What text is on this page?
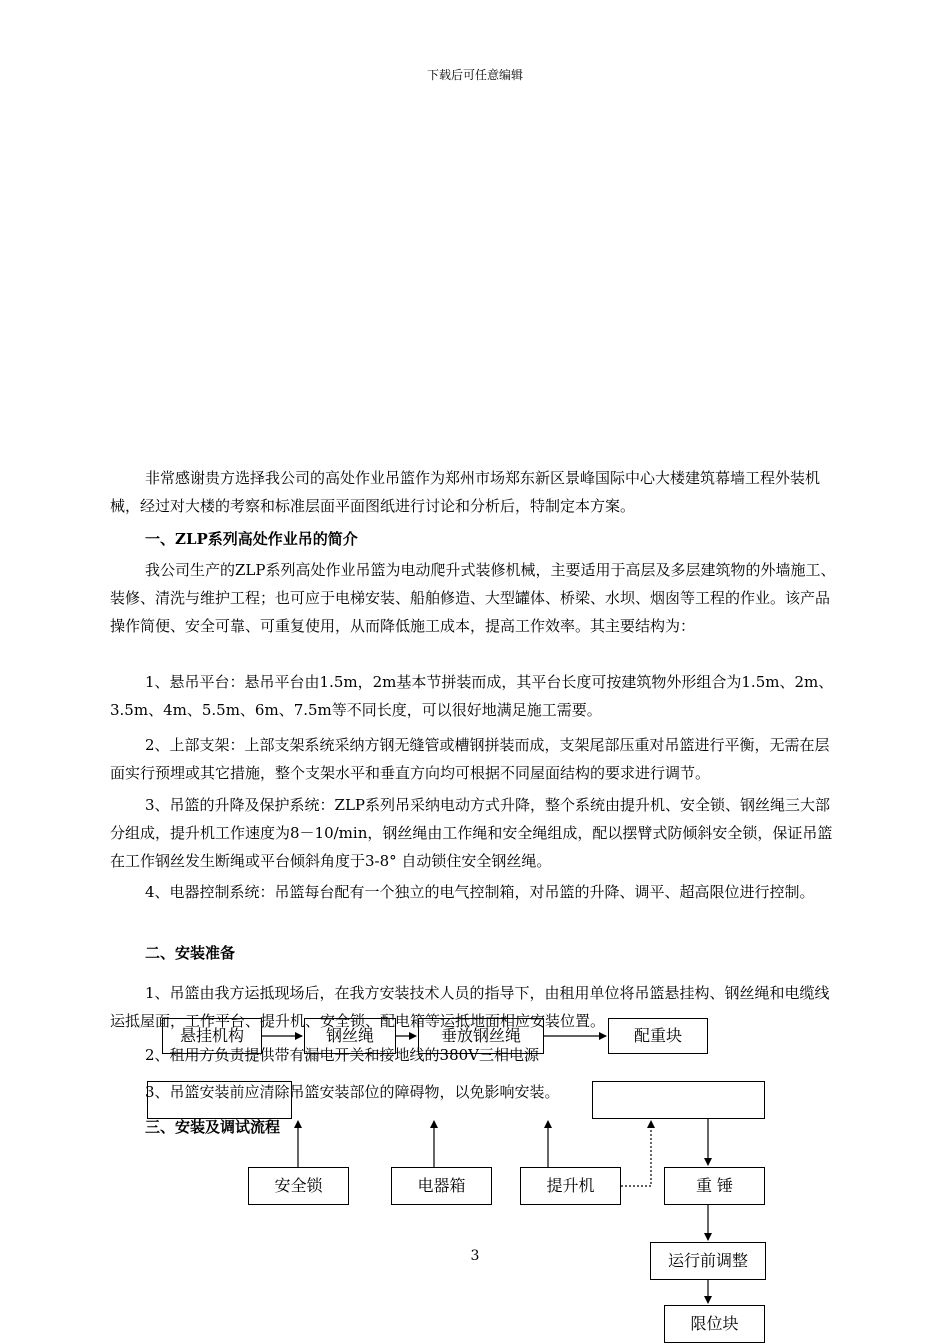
下载后可任意编辑

非常感谢贵方选择我公司的高处作业吊篮作为郑州市场郑东新区景峰国际中心大楼建筑幕墙工程外装机械，经过对大楼的考察和标准层面平面图纸进行讨论和分析后，特制定本方案。

一、ZLP系列高处作业吊的简介

我公司生产的ZLP系列高处作业吊篮为电动爬升式装修机械，主要适用于高层及多层建筑物的外墙施工、装修、清洗与维护工程；也可应于电梯安装、船舶修造、大型罐体、桥梁、水坝、烟囱等工程的作业。该产品操作简便、安全可靠、可重复使用，从而降低施工成本，提高工作效率。其主要结构为：

1、悬吊平台：悬吊平台由1.5m，2m基本节拼装而成，其平台长度可按建筑物外形组合为1.5m、2m、3.5m、4m、5.5m、6m、7.5m等不同长度，可以很好地满足施工需要。

2、上部支架：上部支架系统采纳方钢无缝管或槽钢拼装而成，支架尾部压重对吊篮进行平衡，无需在层面实行预埋或其它措施，整个支架水平和垂直方向均可根据不同屋面结构的要求进行调节。

3、吊篮的升降及保护系统：ZLP系列吊采纳电动方式升降，整个系统由提升机、安全锁、钢丝绳三大部分组成，提升机工作速度为8－10/min，钢丝绳由工作绳和安全绳组成，配以摆臂式防倾斜安全锁，保证吊篮在工作钢丝发生断绳或平台倾斜角度于3-8° 自动锁住安全钢丝绳。

4、电器控制系统：吊篮每台配有一个独立的电气控制箱，对吊篮的升降、调平、超高限位进行控制。

二、安装准备

1、吊篮由我方运抵现场后，在我方安装技术人员的指导下，由租用单位将吊篮悬挂构、钢丝绳和电缆线运抵屋面，工作平台、提升机、安全锁、配电箱等运抵地面相应安装位置。

2、租用方负责提供带有漏电开关和接地线的380V三相电源

3、吊篮安装前应清除吊篮安装部位的障碍物，以免影响安装。

三、安装及调试流程

悬挂机构	钢丝绳	垂放钢丝绳	配重块
安全锁	电器箱	提升机	重 锤
运行前调整
限位块
3
